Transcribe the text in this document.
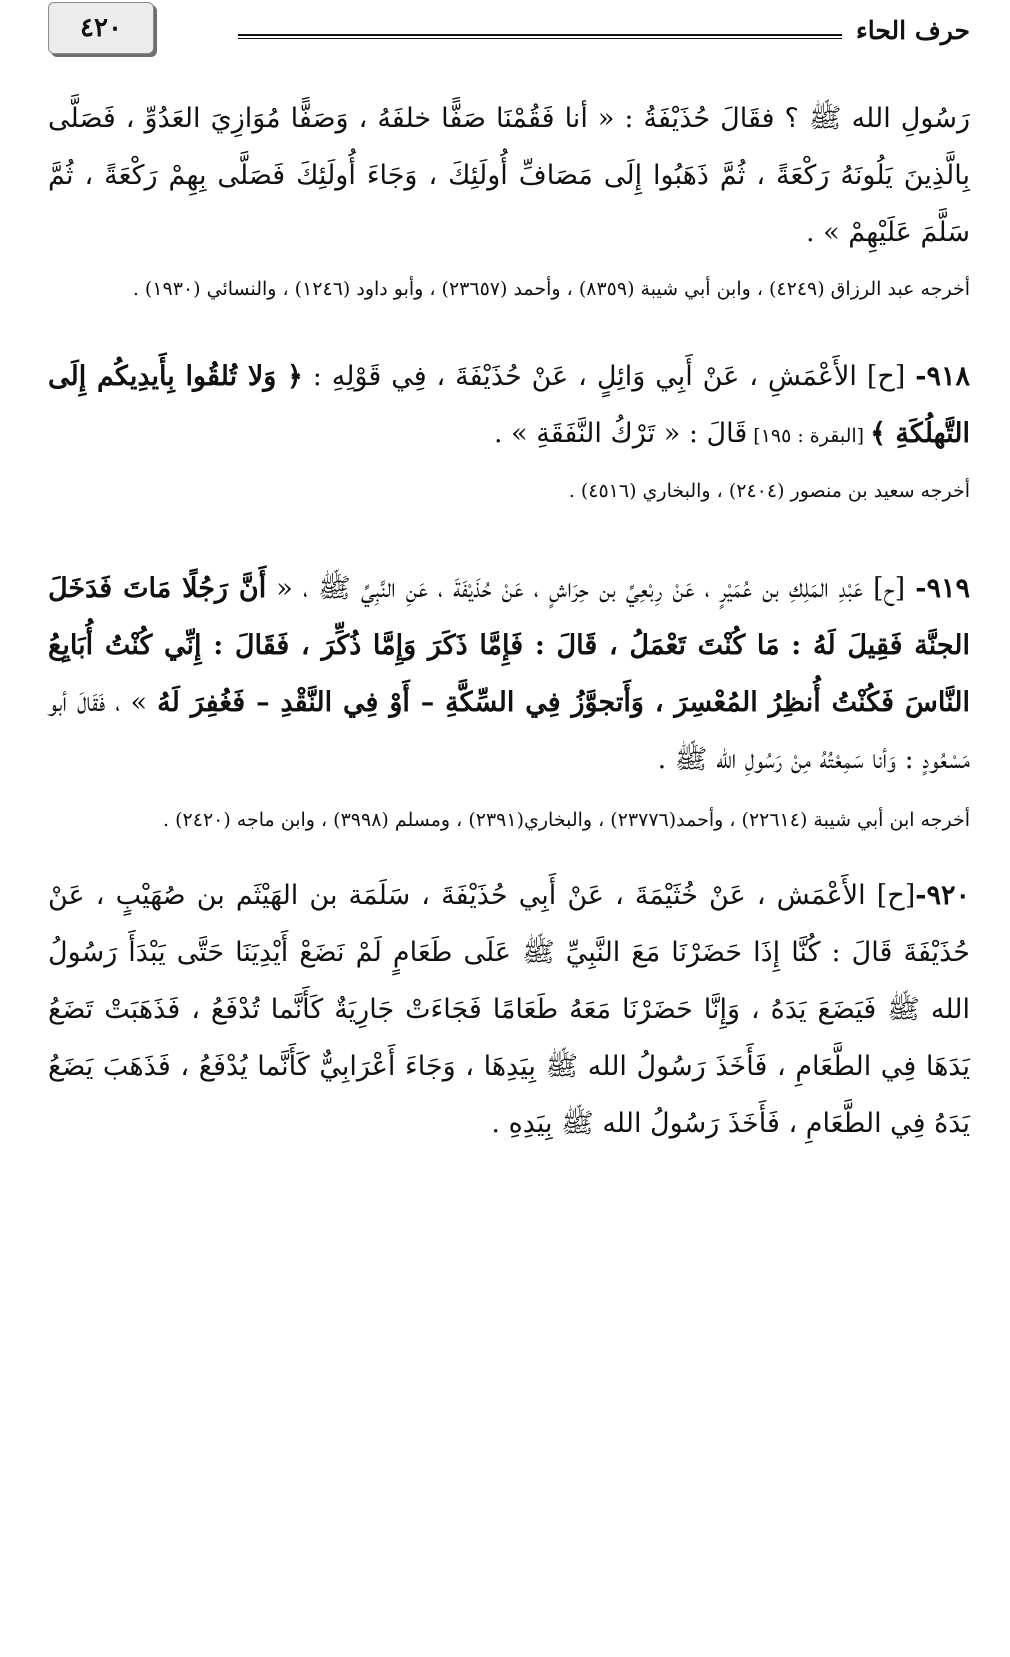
حرف الحاء
٤٢٠

رَسُولِ الله ﷺ ؟ فقَالَ حُذَيْفَةُ : « أنا فَقُمْنَا صَفًّا خلفَهُ ، وَصَفًّا مُوَازِيَ العَدُوِّ ، فَصَلَّى بِالَّذِينَ يَلُونَهُ رَكْعَةً ، ثُمَّ ذَهَبُوا إِلَى مَصَافِّ أُولَئِكَ ، وَجَاءَ أُولَئِكَ فَصَلَّى بِهِمْ رَكْعَةً ، ثُمَّ سَلَّمَ عَلَيْهِمْ » .

أخرجه عبد الرزاق (٤٢٤٩) ، وابن أبي شيبة (٨٣٥٩) ، وأحمد (٢٣٦٥٧) ، وأبو داود (١٢٤٦) ، والنسائي (١٩٣٠) .

٩١٨- [ح] الأَعْمَشِ ، عَنْ أَبِي وَائِلٍ ، عَنْ حُذَيْفَةَ ، فِي قَوْلِهِ : ﴿ وَلا تُلقُوا بِأَيدِيكُم إِلَى التَّهلُكَةِ ﴾ [البقرة : ١٩٥] قَالَ : « تَرْكُ النَّفَقَةِ » .

أخرجه سعيد بن منصور (٢٤٠٤) ، والبخاري (٤٥١٦) .

٩١٩- [ح] عَبْدِ المَلِكِ بن عُمَيْرٍ ، عَنْ رِبْعِيِّ بن حِرَاشٍ ، عَنْ حُذَيْفَةَ ، عَنِ النَّبِيِّ ﷺ ، « أَنَّ رَجُلًا مَاتَ فَدَخَلَ الجنَّة فَقِيلَ لَهُ : مَا كُنْتَ تَعْمَلُ ، قَالَ : فَإِمَّا ذَكَرَ وَإِمَّا ذُكِّرَ ، فَقَالَ : إِنِّي كُنْتُ أُبَايِعُ النَّاسَ فَكُنْتُ أُنظِرُ المُعْسِرَ ، وَأَتجوَّزُ فِي السِّكَّةِ – أَوْ فِي النَّقْدِ – فَغُفِرَ لَهُ » ، فَقَالَ أبو مَسْعُودٍ : وَأنا سَمِعْتُهُ مِنْ رَسُولِ الله ﷺ .

أخرجه ابن أبي شيبة (٢٢٦١٤) ، وأحمد(٢٣٧٧٦) ، والبخاري(٢٣٩١) ، ومسلم (٣٩٩٨) ، وابن ماجه (٢٤٢٠) .

٩٢٠-[ح] الأَعْمَش ، عَنْ خُثَيْمَةَ ، عَنْ أَبِي حُذَيْفَةَ ، سَلَمَة بن الهَيْثَم بن صُهَيْبٍ ، عَنْ حُذَيْفَةَ قَالَ : كُنَّا إِذَا حَضَرْنَا مَعَ النَّبِيِّ ﷺ عَلَى طَعَامٍ لَمْ نَضَعْ أَيْدِيَنَا حَتَّى يَبْدَأَ رَسُولُ الله ﷺ فَيَضَعَ يَدَهُ ، وَإِنَّا حَضَرْنَا مَعَهُ طَعَامًا فَجَاءَتْ جَارِيَةٌ كَأَنَّما تُدْفَعُ ، فَذَهَبَتْ تَضَعُ يَدَهَا فِي الطَّعَامِ ، فَأَخَذَ رَسُولُ الله ﷺ بِيَدِهَا ، وَجَاءَ أَعْرَابِيٌّ كَأَنَّما يُدْفَعُ ، فَذَهَبَ يَضَعُ يَدَهُ فِي الطَّعَامِ ، فَأَخَذَ رَسُولُ الله ﷺ بِيَدِهِ .
